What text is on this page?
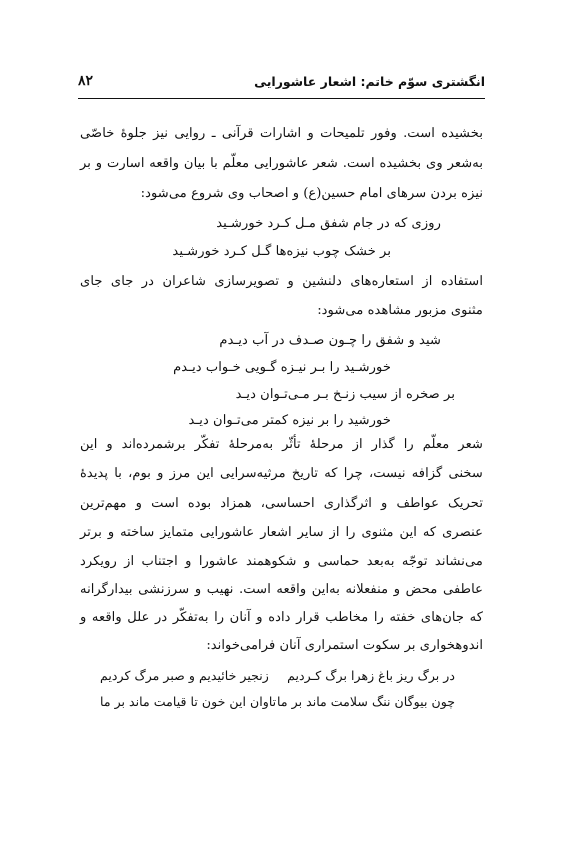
انگشتری سوّم خاتم: اشعار عاشورایی
۸۲
بخشیده است. وفور تلمیحات و اشارات قرآنی ـ روایی نیز جلوهٔ خاصّی
به‌شعر وی بخشیده است. شعر عاشورایی معلّم با بیان واقعه اسارت و بر
نیزه بردن سرهای امام حسین(ع) و اصحاب وی شروع می‌شود:
روزی که در جام شفق مـل کـرد خورشـید
بر خشک چوب نیزه‌ها گـل کـرد خورشـید
استفاده از استعاره‌های دلنشین و تصویرسازی شاعران در جای جای
مثنوی مزبور مشاهده می‌شود:
شید و شفق را چـون صـدف در آب دیـدم
خورشـید را بـر نیـزه گـویی خـواب دیـدم
بر صخره از سیب زنـخ بـر مـی‌تـوان دیـد
خورشید را بر نیزه کمتر می‌تـوان دیـد
شعر معلّم را گذار از مرحلهٔ تأثّر به‌مرحلهٔ تفکّر برشمرده‌اند و این
سخنی گزافه نیست، چرا که تاریخ مرثیه‌سرایی این مرز و بوم، با پدیدهٔ
تحریک عواطف و اثرگذاری احساسی، همزاد بوده است و مهم‌ترین
عنصری که این مثنوی را از سایر اشعار عاشورایی متمایز ساخته و برتر
می‌نشاند توجّه به‌بعد حماسی و شکوهمند عاشورا و اجتناب از رویکرد
عاطفی محض و منفعلانه به‌این واقعه است. نهیب و سرزنشی بیدارگرانه
که جان‌های خفته را مخاطب قرار داده و آنان را به‌تفکّر در علل واقعه و
اندوهخواری بر سکوت استمراری آنان فرامی‌خواند:
در برگ ریز باغ زهرا برگ کـردیم
زنجیر خائیدیم و صبر مرگ کردیم
چون بیوگان ننگ سلامت ماند بر ما
تاوان این خون تا قیامت ماند بر ما
